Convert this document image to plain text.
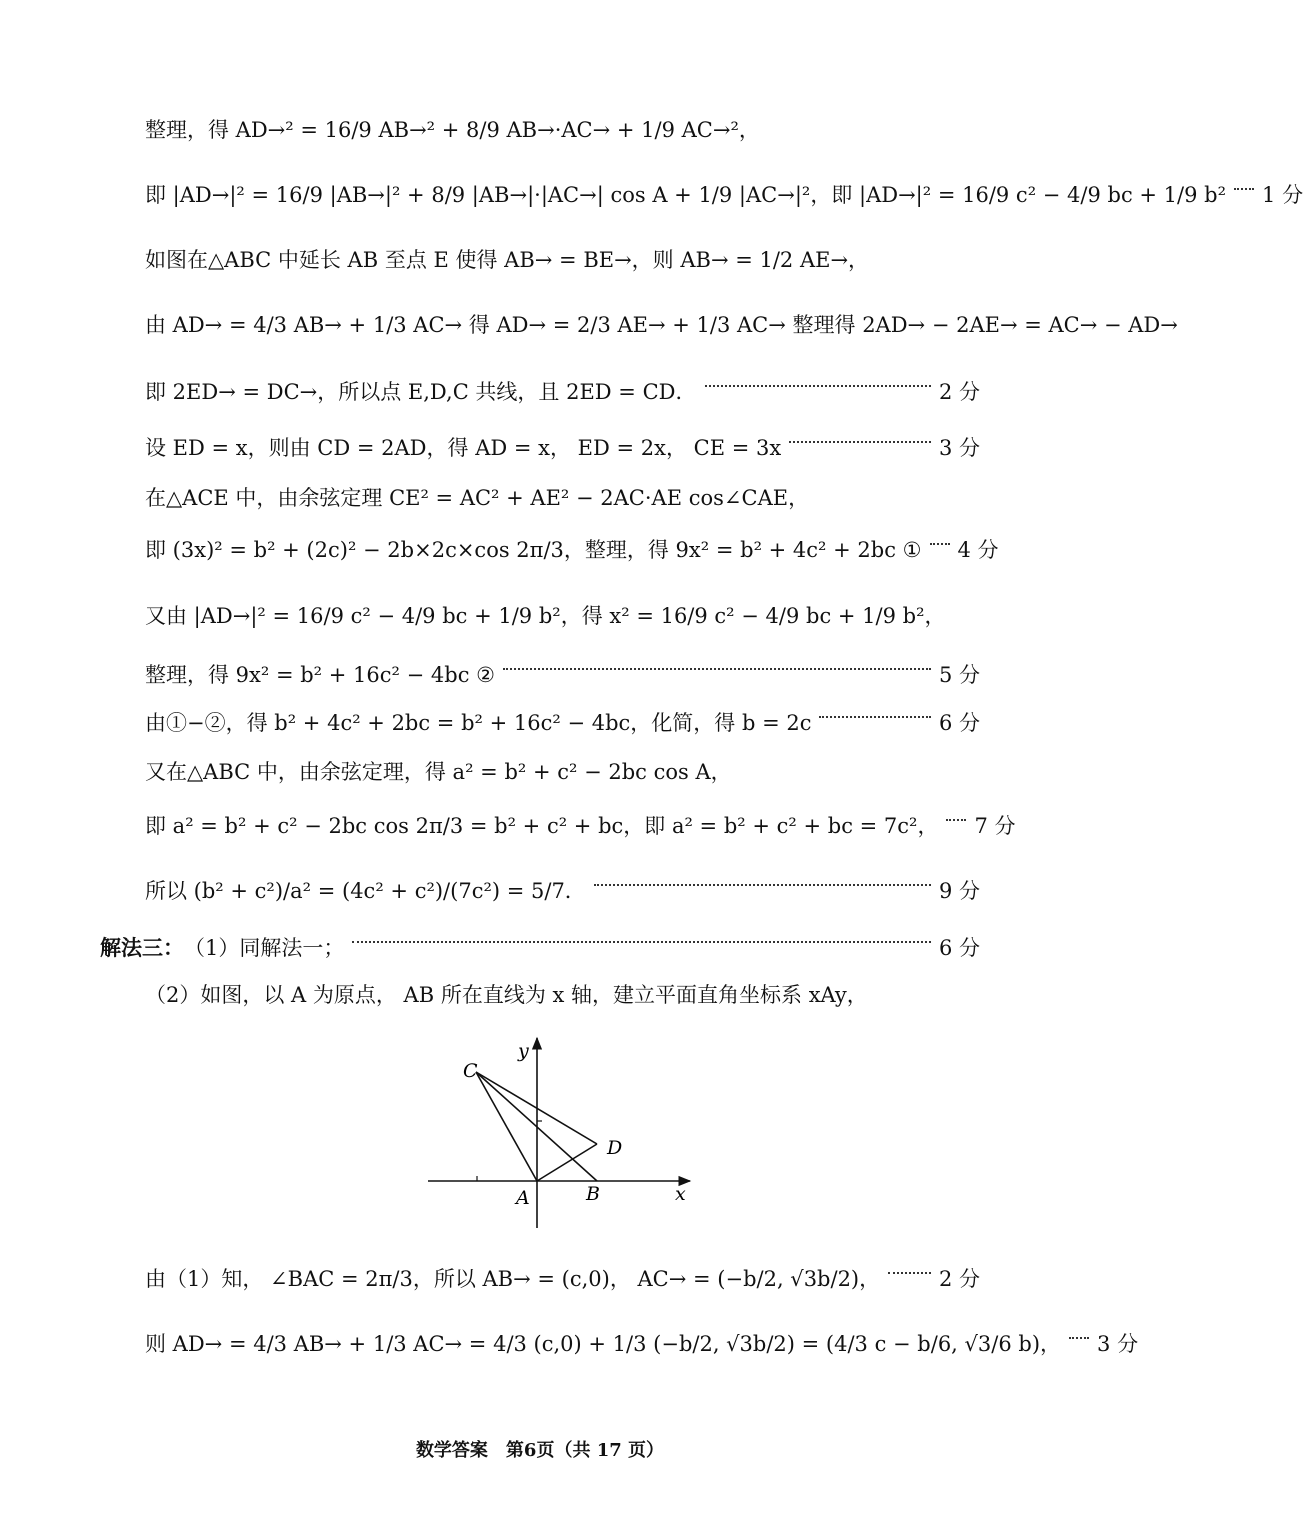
整理，得 AD→² = 16/9 AB→² + 8/9 AB→·AC→ + 1/9 AC→²，
即 |AD→|² = 16/9 |AB→|² + 8/9 |AB→|·|AC→| cos A + 1/9 |AC→|²，即 |AD→|² = 16/9 c² − 4/9 bc + 1/9 b² 1 分
如图在△ABC 中延长 AB 至点 E 使得 AB→ = BE→，则 AB→ = 1/2 AE→，
由 AD→ = 4/3 AB→ + 1/3 AC→ 得 AD→ = 2/3 AE→ + 1/3 AC→ 整理得 2AD→ − 2AE→ = AC→ − AD→
即 2ED→ = DC→，所以点 E,D,C 共线，且 2ED = CD．	2 分
设 ED = x，则由 CD = 2AD，得 AD = x， ED = 2x， CE = 3x	3 分
在△ACE 中，由余弦定理 CE² = AC² + AE² − 2AC·AE cos∠CAE，
即 (3x)² = b² + (2c)² − 2b×2c×cos 2π/3，整理，得 9x² = b² + 4c² + 2bc ① 4 分
又由 |AD→|² = 16/9 c² − 4/9 bc + 1/9 b²，得 x² = 16/9 c² − 4/9 bc + 1/9 b²，
整理，得 9x² = b² + 16c² − 4bc ②	5 分
由①−②，得 b² + 4c² + 2bc = b² + 16c² − 4bc，化简，得 b = 2c	6 分
又在△ABC 中，由余弦定理，得 a² = b² + c² − 2bc cos A，
即 a² = b² + c² − 2bc cos 2π/3 = b² + c² + bc，即 a² = b² + c² + bc = 7c²， 7 分
所以 (b² + c²)/a² = (4c² + c²)/(7c²) = 5/7．	9 分
解法三： （1）同解法一；	6 分
（2）如图，以 A 为原点， AB 所在直线为 x 轴，建立平面直角坐标系 xAy，
C
D
A	B	x
y
由（1）知， ∠BAC = 2π/3，所以 AB→ = (c,0)， AC→ = (−b/2, √3b/2)，	2 分
则 AD→ = 4/3 AB→ + 1/3 AC→ = 4/3 (c,0) + 1/3 (−b/2, √3b/2) = (4/3 c − b/6, √3/6 b)， 3 分
数学答案　第6页（共 17 页）
